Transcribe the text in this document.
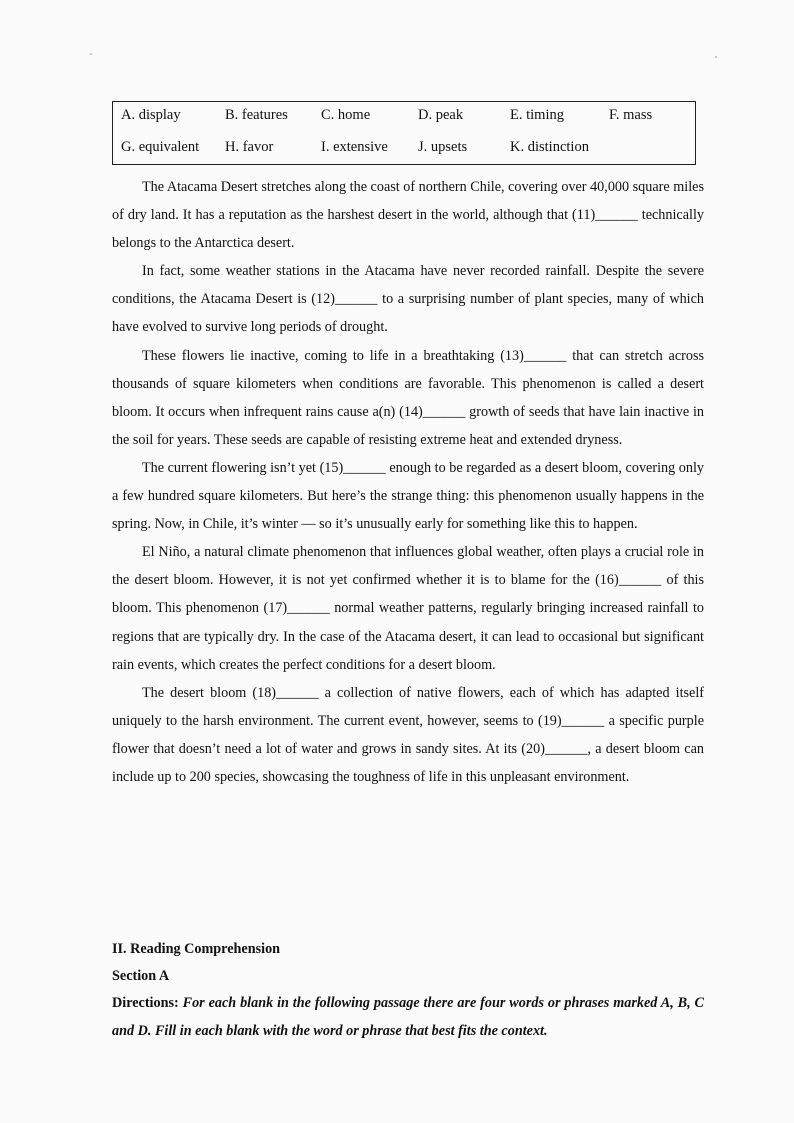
A. display	B. features C. home	D. peak	E. timing	F. mass
G. equivalent H. favor	I. extensive J. upsets	K. distinction

The Atacama Desert stretches along the coast of northern Chile, covering over 40,000 square miles of dry land. It has a reputation as the harshest desert in the world, although that (11)______ technically belongs to the Antarctica desert.

In fact, some weather stations in the Atacama have never recorded rainfall. Despite the severe conditions, the Atacama Desert is (12)______ to a surprising number of plant species, many of which have evolved to survive long periods of drought.

These flowers lie inactive, coming to life in a breathtaking (13)______ that can stretch across thousands of square kilometers when conditions are favorable. This phenomenon is called a desert bloom. It occurs when infrequent rains cause a(n) (14)______ growth of seeds that have lain inactive in the soil for years. These seeds are capable of resisting extreme heat and extended dryness.

The current flowering isn’t yet (15)______ enough to be regarded as a desert bloom, covering only a few hundred square kilometers. But here’s the strange thing: this phenomenon usually happens in the spring. Now, in Chile, it’s winter — so it’s unusually early for something like this to happen.

El Niño, a natural climate phenomenon that influences global weather, often plays a crucial role in the desert bloom. However, it is not yet confirmed whether it is to blame for the (16)______ of this bloom. This phenomenon (17)______ normal weather patterns, regularly bringing increased rainfall to regions that are typically dry. In the case of the Atacama desert, it can lead to occasional but significant rain events, which creates the perfect conditions for a desert bloom.

The desert bloom (18)______ a collection of native flowers, each of which has adapted itself uniquely to the harsh environment. The current event, however, seems to (19)______ a specific purple flower that doesn’t need a lot of water and grows in sandy sites. At its (20)______, a desert bloom can include up to 200 species, showcasing the toughness of life in this unpleasant environment.

II. Reading Comprehension
Section A
Directions: For each blank in the following passage there are four words or phrases marked A, B, C and D. Fill in each blank with the word or phrase that best fits the context.
